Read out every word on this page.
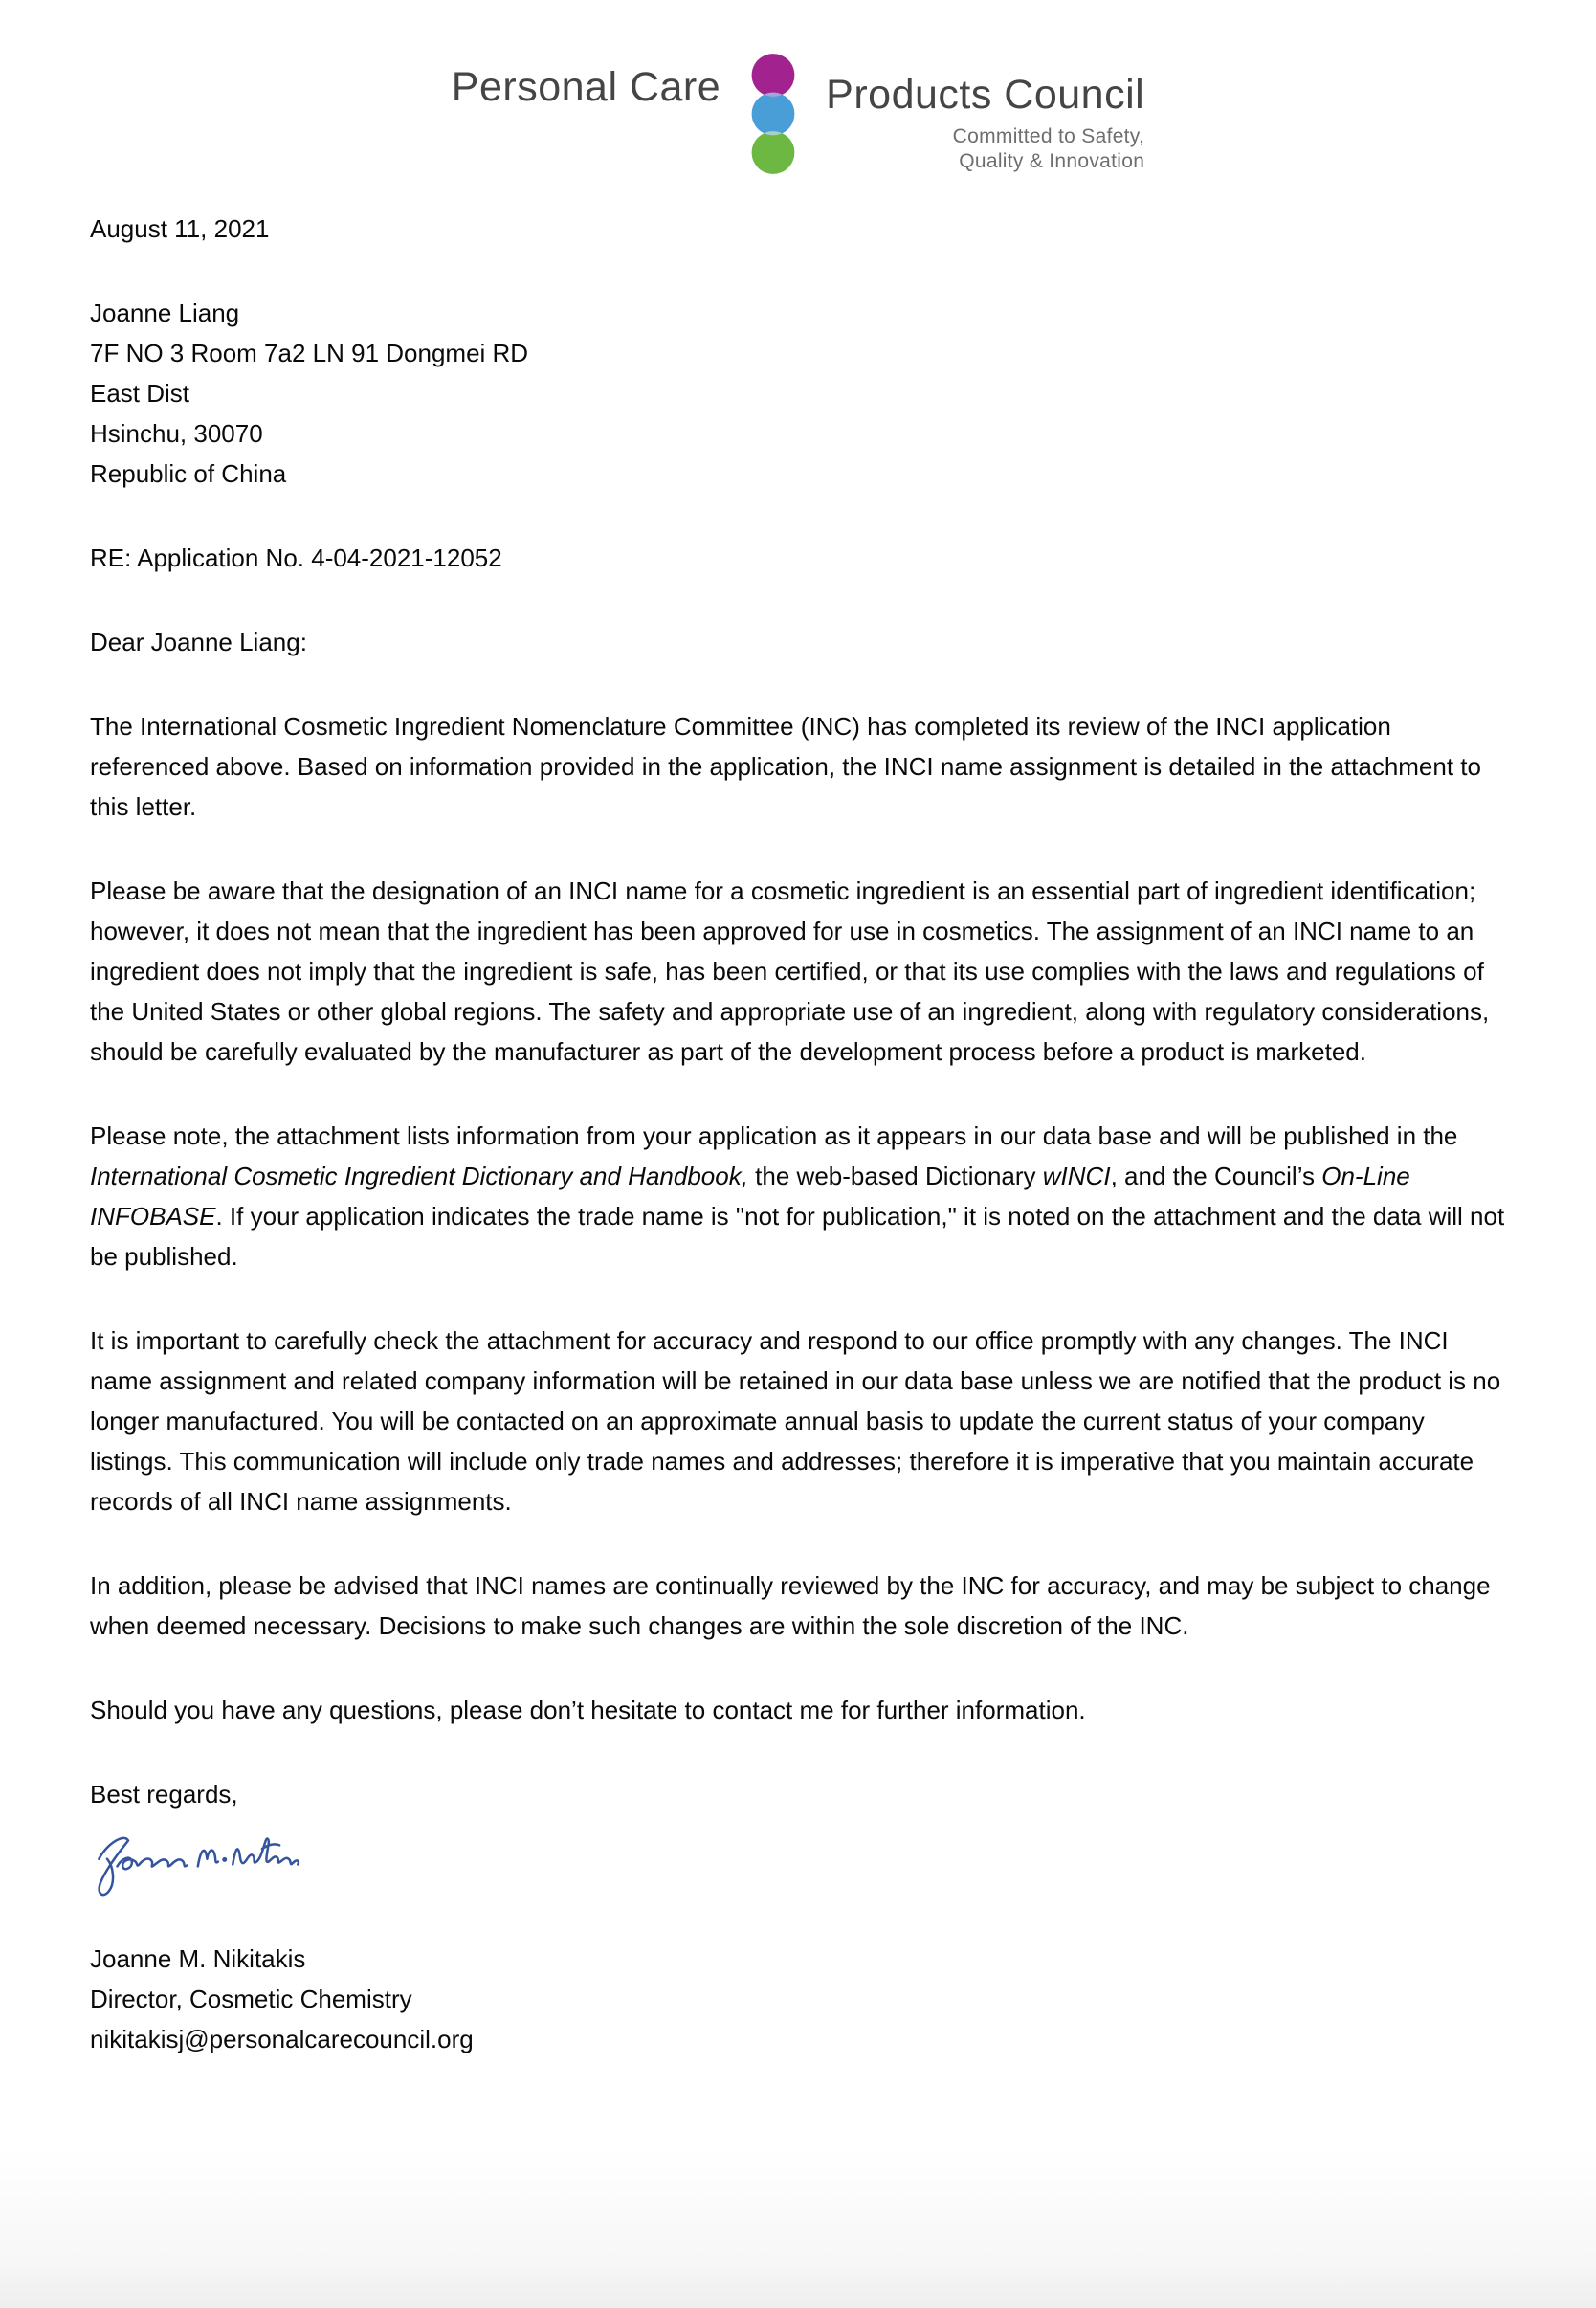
Personal Care	Products Council
Committed to Safety,
Quality & Innovation

August 11, 2021

Joanne Liang

7F NO 3 Room 7a2 LN 91 Dongmei RD

East Dist

Hsinchu, 30070

Republic of China

RE: Application No. 4-04-2021-12052

Dear Joanne Liang:

The International Cosmetic Ingredient Nomenclature Committee (INC) has completed its review of the INCI application referenced above. Based on information provided in the application, the INCI name assignment is detailed in the attachment to this letter.

Please be aware that the designation of an INCI name for a cosmetic ingredient is an essential part of ingredient identification; however, it does not mean that the ingredient has been approved for use in cosmetics. The assignment of an INCI name to an ingredient does not imply that the ingredient is safe, has been certified, or that its use complies with the laws and regulations of the United States or other global regions. The safety and appropriate use of an ingredient, along with regulatory considerations, should be carefully evaluated by the manufacturer as part of the development process before a product is marketed.

Please note, the attachment lists information from your application as it appears in our data base and will be published in the International Cosmetic Ingredient Dictionary and Handbook, the web-based Dictionary wINCI, and the Council’s On-Line INFOBASE. If your application indicates the trade name is "not for publication," it is noted on the attachment and the data will not be published.

It is important to carefully check the attachment for accuracy and respond to our office promptly with any changes. The INCI name assignment and related company information will be retained in our data base unless we are notified that the product is no longer manufactured. You will be contacted on an approximate annual basis to update the current status of your company listings. This communication will include only trade names and addresses; therefore it is imperative that you maintain accurate records of all INCI name assignments.

In addition, please be advised that INCI names are continually reviewed by the INC for accuracy, and may be subject to change when deemed necessary. Decisions to make such changes are within the sole discretion of the INC.

Should you have any questions, please don’t hesitate to contact me for further information.

Best regards,

Joanne M. Nikitakis

Director, Cosmetic Chemistry

nikitakisj@personalcarecouncil.org
